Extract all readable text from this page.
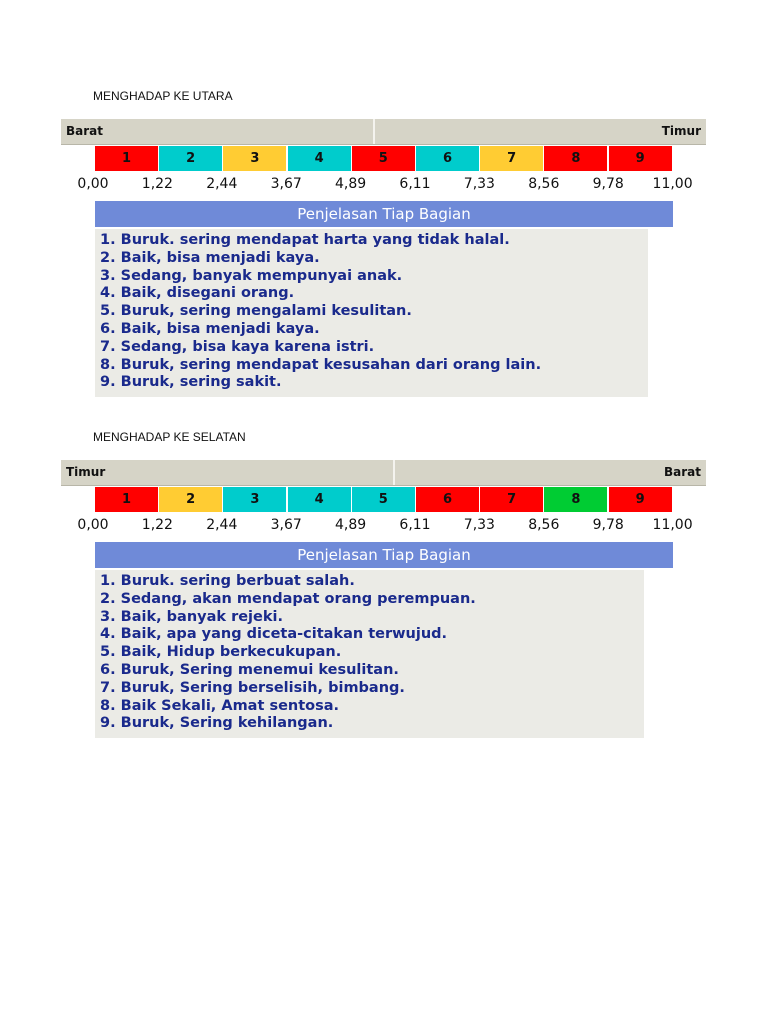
MENGHADAP KE UTARA
Barat	Timur
1	2	3	4	5	6	7	8	9
0,00	1,22	2,44	3,67	4,89	6,11	7,33	8,56	9,78	11,00
Penjelasan Tiap Bagian
1. Buruk. sering mendapat harta yang tidak halal.
2. Baik, bisa menjadi kaya.
3. Sedang, banyak mempunyai anak.
4. Baik, disegani orang.
5. Buruk, sering mengalami kesulitan.
6. Baik, bisa menjadi kaya.
7. Sedang, bisa kaya karena istri.
8. Buruk, sering mendapat kesusahan dari orang lain.
9. Buruk, sering sakit.
MENGHADAP KE SELATAN
Timur	Barat
1	2	3	4	5	6	7	8	9
0,00	1,22	2,44	3,67	4,89	6,11	7,33	8,56	9,78	11,00
Penjelasan Tiap Bagian
1. Buruk. sering berbuat salah.
2. Sedang, akan mendapat orang perempuan.
3. Baik, banyak rejeki.
4. Baik, apa yang diceta-citakan terwujud.
5. Baik, Hidup berkecukupan.
6. Buruk, Sering menemui kesulitan.
7. Buruk, Sering berselisih, bimbang.
8. Baik Sekali, Amat sentosa.
9. Buruk, Sering kehilangan.
